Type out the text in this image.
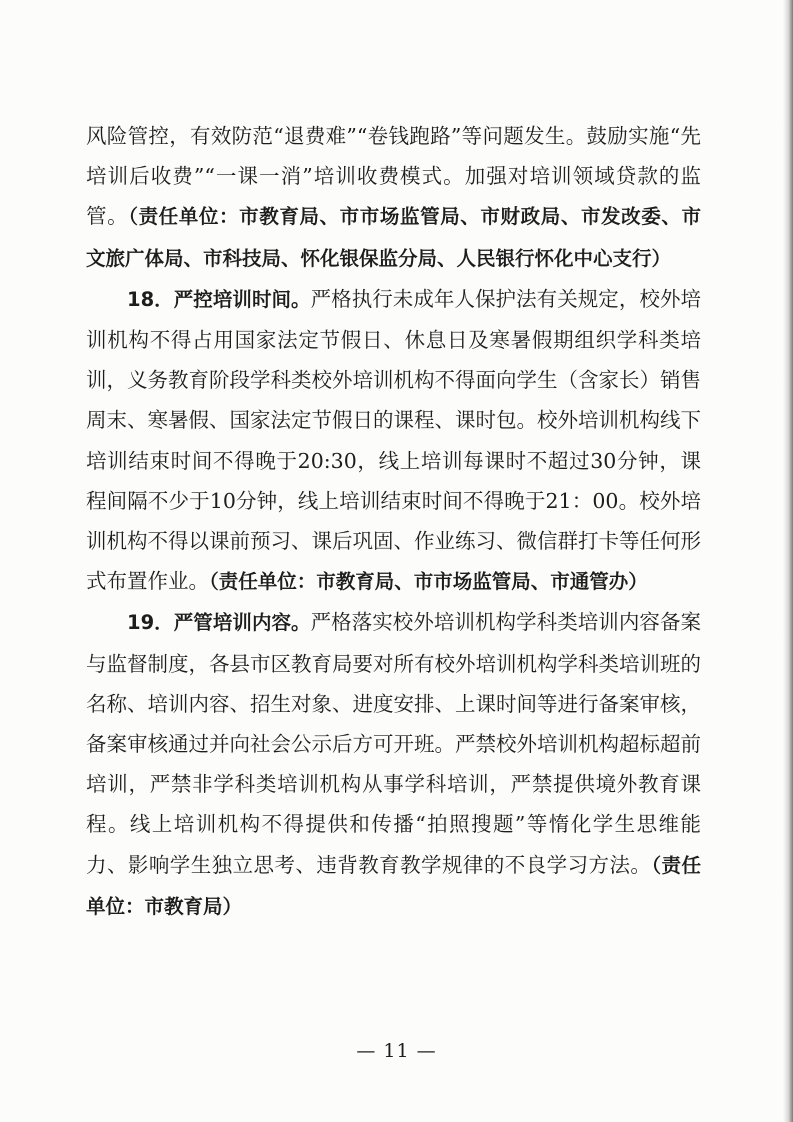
风险管控，有效防范“退费难”“卷钱跑路”等问题发生。鼓励实施“先培训后收费”“一课一消”培训收费模式。加强对培训领域贷款的监管。（责任单位：市教育局、市市场监管局、市财政局、市发改委、市文旅广体局、市科技局、怀化银保监分局、人民银行怀化中心支行）

18．严控培训时间。严格执行未成年人保护法有关规定，校外培训机构不得占用国家法定节假日、休息日及寒暑假期组织学科类培训，义务教育阶段学科类校外培训机构不得面向学生（含家长）销售周末、寒暑假、国家法定节假日的课程、课时包。校外培训机构线下培训结束时间不得晚于20:30，线上培训每课时不超过30分钟，课程间隔不少于10分钟，线上培训结束时间不得晚于21：00。校外培训机构不得以课前预习、课后巩固、作业练习、微信群打卡等任何形式布置作业。（责任单位：市教育局、市市场监管局、市通管办）

19．严管培训内容。严格落实校外培训机构学科类培训内容备案与监督制度，各县市区教育局要对所有校外培训机构学科类培训班的名称、培训内容、招生对象、进度安排、上课时间等进行备案审核，备案审核通过并向社会公示后方可开班。严禁校外培训机构超标超前培训，严禁非学科类培训机构从事学科培训，严禁提供境外教育课程。线上培训机构不得提供和传播“拍照搜题”等惰化学生思维能力、影响学生独立思考、违背教育教学规律的不良学习方法。（责任单位：市教育局）

— 11 —
